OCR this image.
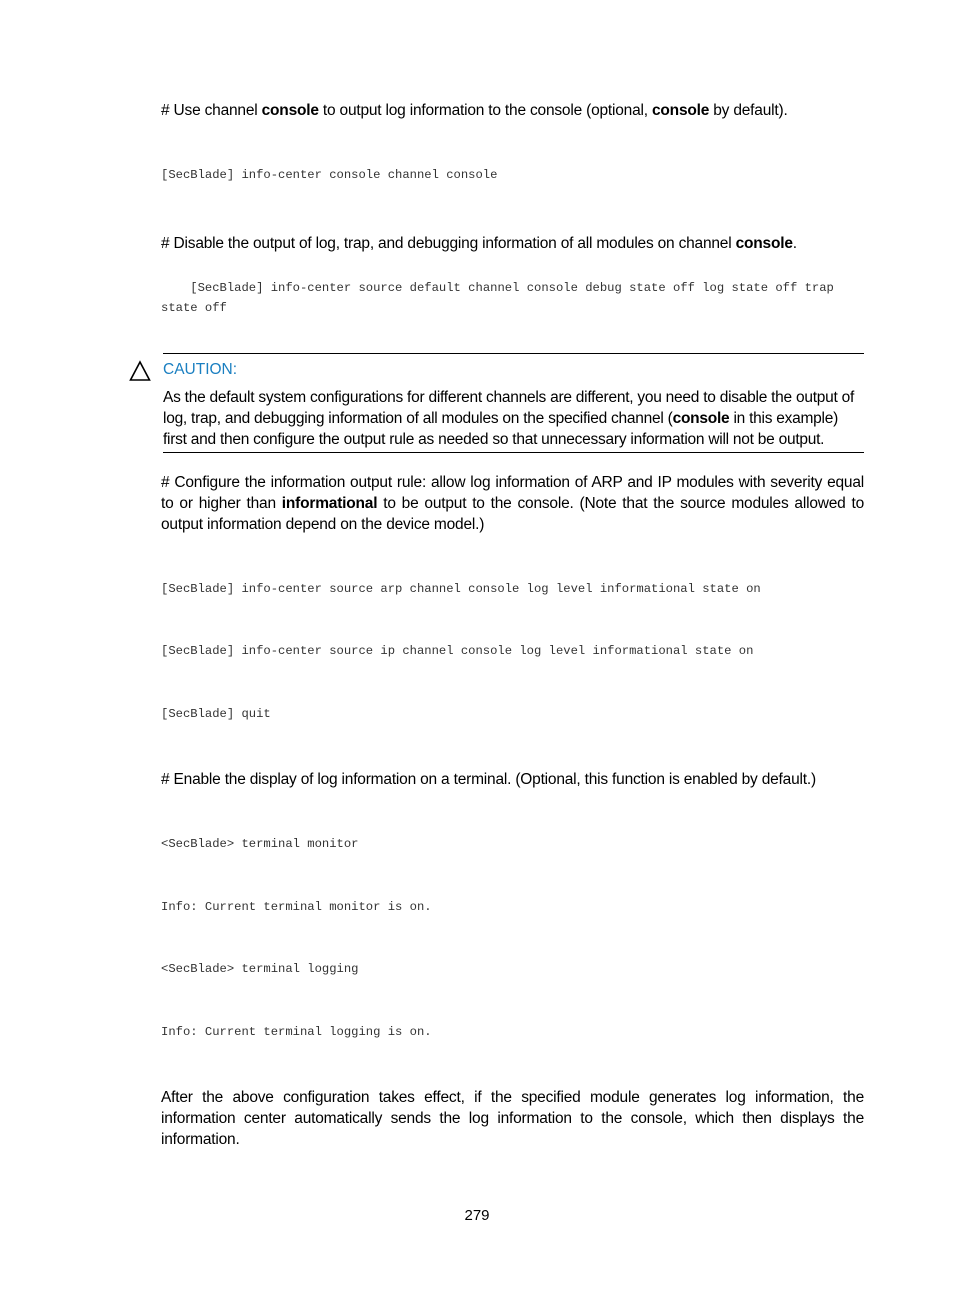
# Use channel console to output log information to the console (optional, console by default).

[SecBlade] info-center console channel console

# Disable the output of log, trap, and debugging information of all modules on channel console.

[SecBlade] info-center source default channel console debug state off log state off trap state off

CAUTION:
As the default system configurations for different channels are different, you need to disable the output of log, trap, and debugging information of all modules on the specified channel (console in this example) first and then configure the output rule as needed so that unnecessary information will not be output.

# Configure the information output rule: allow log information of ARP and IP modules with severity equal to or higher than informational to be output to the console. (Note that the source modules allowed to output information depend on the device model.)

[SecBlade] info-center source arp channel console log level informational state on

[SecBlade] info-center source ip channel console log level informational state on

[SecBlade] quit

# Enable the display of log information on a terminal. (Optional, this function is enabled by default.)

<SecBlade> terminal monitor

Info: Current terminal monitor is on.

<SecBlade> terminal logging

Info: Current terminal logging is on.

After the above configuration takes effect, if the specified module generates log information, the information center automatically sends the log information to the console, which then displays the information.

279
